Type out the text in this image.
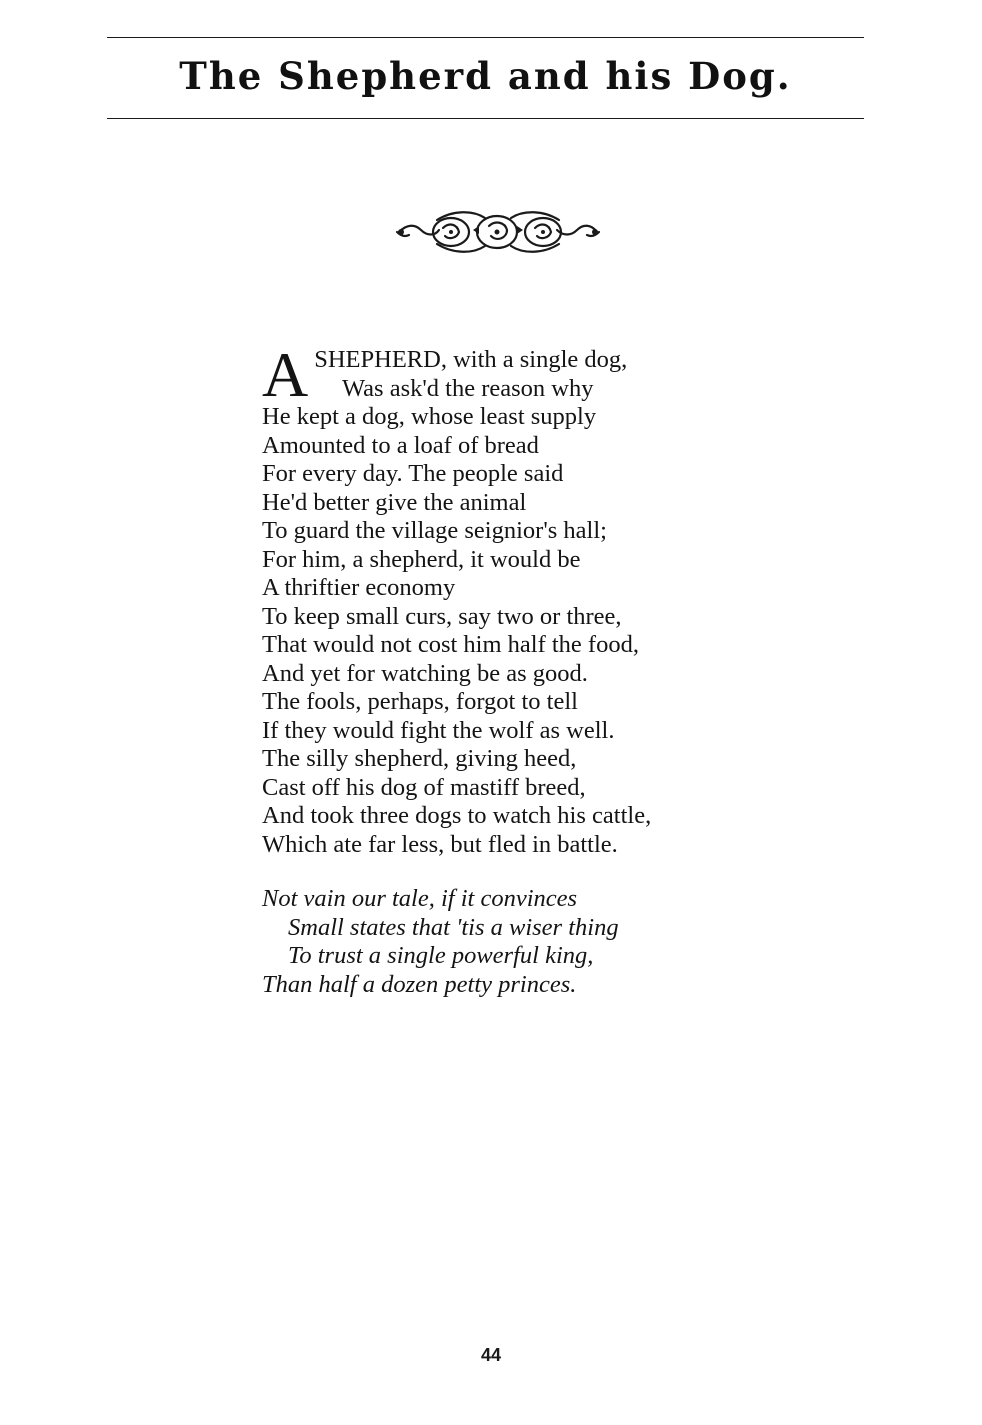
The Shepherd and his Dog.
A SHEPHERD, with a single dog,
Was ask'd the reason why
He kept a dog, whose least supply
Amounted to a loaf of bread
For every day. The people said
He'd better give the animal
To guard the village seignior's hall;
For him, a shepherd, it would be
A thriftier economy
To keep small curs, say two or three,
That would not cost him half the food,
And yet for watching be as good.
The fools, perhaps, forgot to tell
If they would fight the wolf as well.
The silly shepherd, giving heed,
Cast off his dog of mastiff breed,
And took three dogs to watch his cattle,
Which ate far less, but fled in battle.
Not vain our tale, if it convinces
Small states that 'tis a wiser thing
To trust a single powerful king,
Than half a dozen petty princes.
44
